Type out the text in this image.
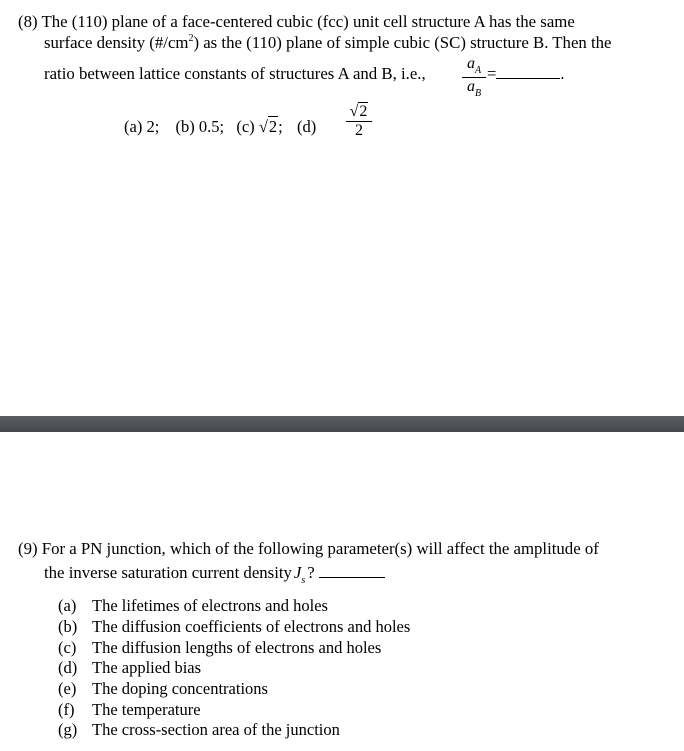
(8) The (110) plane of a face-centered cubic (fcc) unit cell structure A has the same
surface density $(\#/cm^2)$ as the (110) plane of simple cubic (SC) structure B. Then the
ratio between lattice constants of structures A and B, i.e.,
$a_A$
$a_B$
=	.
(a) 2; (b) 0.5; (c) √2; (d)
√2
2
(9) For a PN junction, which of the following parameter(s) will affect the amplitude of
the inverse saturation current density $J_s$ ?
(a) The lifetimes of electrons and holes
(b) The diffusion coefficients of electrons and holes
(c) The diffusion lengths of electrons and holes
(d) The applied bias
(e) The doping concentrations
(f) The temperature
(g) The cross-section area of the junction
